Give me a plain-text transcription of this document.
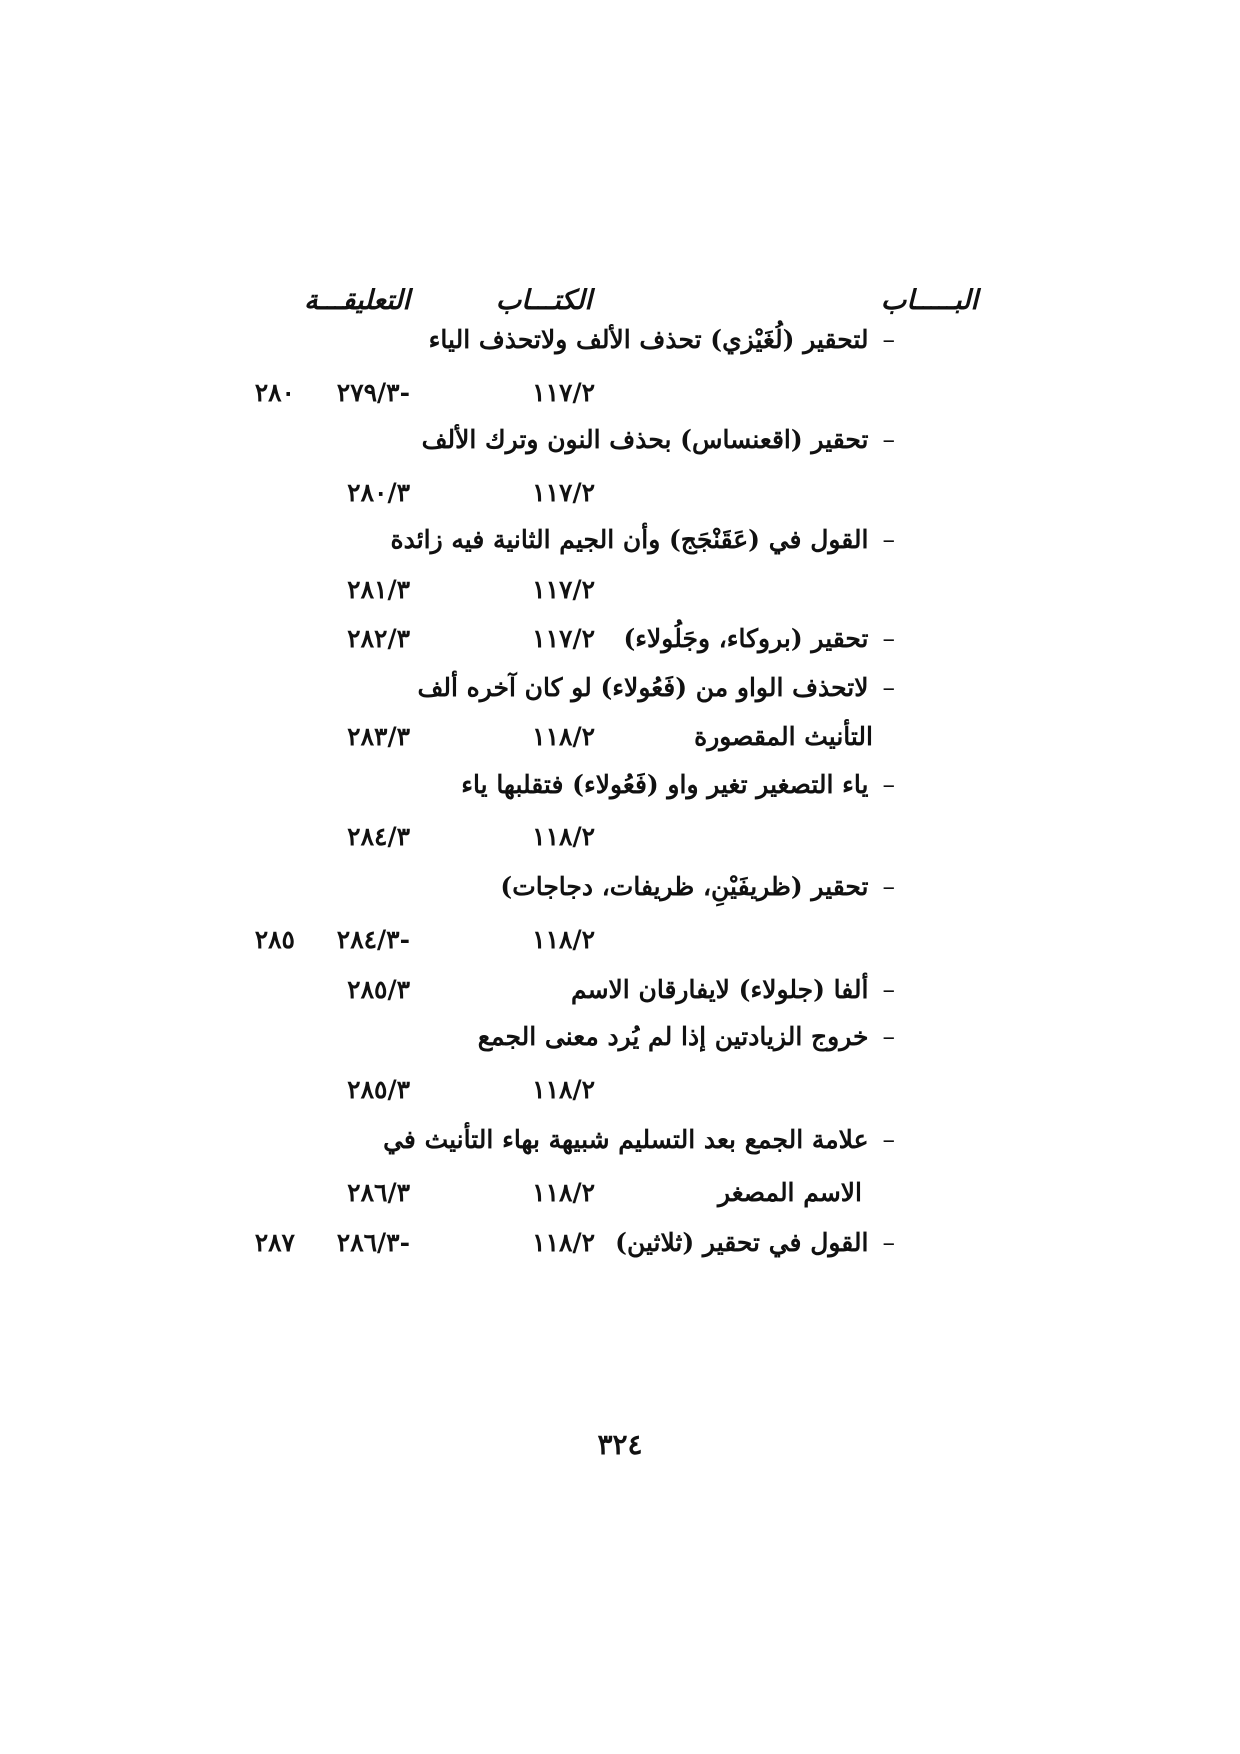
البـــــاب
الكتـــاب
التعليقـــة
–لتحقير (لُغَيْزي) تحذف الألف ولاتحذف الياء
١١٧/٢
-٢٧٩/٣
٢٨٠
–تحقير (اقعنساس) بحذف النون وترك الألف
١١٧/٢
٢٨٠/٣
–القول في (عَقَنْجَج) وأن الجيم الثانية فيه زائدة
١١٧/٢
٢٨١/٣
–تحقير (بروكاء، وجَلُولاء)
١١٧/٢
٢٨٢/٣
–لاتحذف الواو من (فَعُولاء) لو كان آخره ألف
التأنيث المقصورة
١١٨/٢
٢٨٣/٣
–ياء التصغير تغير واو (فَعُولاء) فتقلبها ياء
١١٨/٢
٢٨٤/٣
–تحقير (ظريفَيْنِ، ظريفات، دجاجات)
١١٨/٢
-٢٨٤/٣
٢٨٥
–ألفا (جلولاء) لايفارقان الاسم
٢٨٥/٣
–خروج الزيادتين إذا لم يُرد معنى الجمع
١١٨/٢
٢٨٥/٣
–علامة الجمع بعد التسليم شبيهة بهاء التأنيث في
الاسم المصغر
١١٨/٢
٢٨٦/٣
–القول في تحقير (ثلاثين)
١١٨/٢
-٢٨٦/٣
٢٨٧
٣٢٤
